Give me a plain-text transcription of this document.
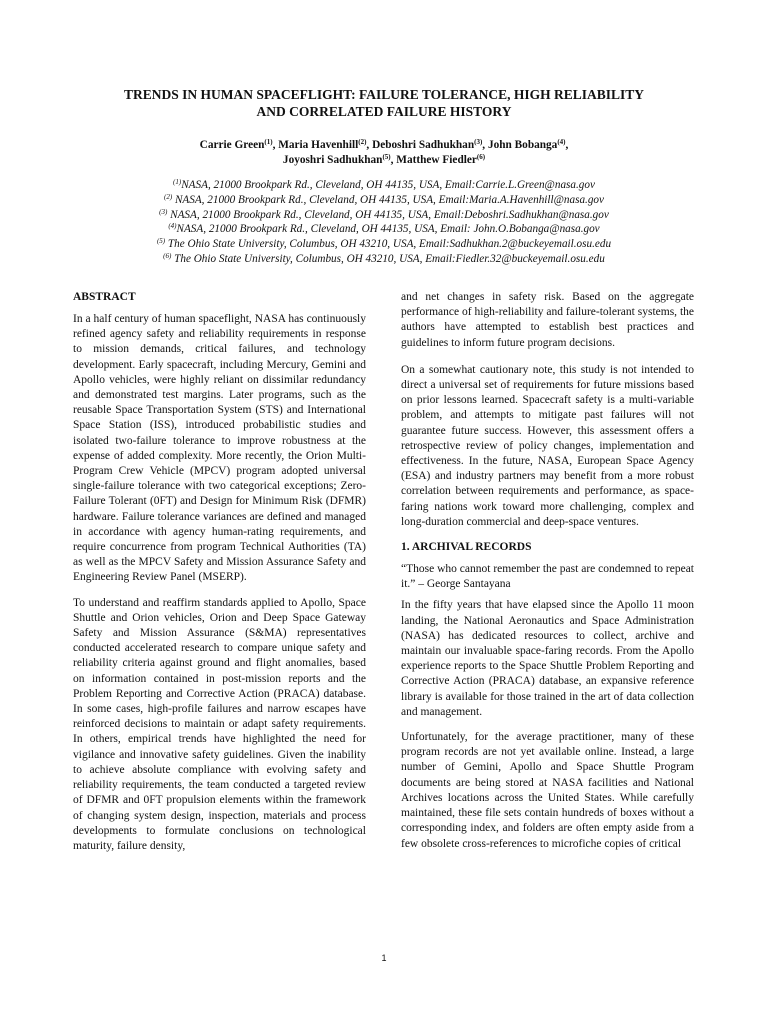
TRENDS IN HUMAN SPACEFLIGHT: FAILURE TOLERANCE, HIGH RELIABILITY
AND CORRELATED FAILURE HISTORY
Carrie Green$^{(1)}$, Maria Havenhill$^{(2)}$, Deboshri Sadhukhan$^{(3)}$, John Bobanga$^{(4)}$,
Joyoshri Sadhukhan$^{(5)}$, Matthew Fiedler$^{(6)}$
$^{(1)}$NASA, 21000 Brookpark Rd., Cleveland, OH 44135, USA, Email:Carrie.L.Green@nasa.gov
$^{(2)}$ NASA, 21000 Brookpark Rd., Cleveland, OH 44135, USA, Email:Maria.A.Havenhill@nasa.gov
$^{(3)}$ NASA, 21000 Brookpark Rd., Cleveland, OH 44135, USA, Email:Deboshri.Sadhukhan@nasa.gov
$^{(4)}$NASA, 21000 Brookpark Rd., Cleveland, OH 44135, USA, Email: John.O.Bobanga@nasa.gov
$^{(5)}$ The Ohio State University, Columbus, OH 43210, USA, Email:Sadhukhan.2@buckeyemail.osu.edu
$^{(6)}$ The Ohio State University, Columbus, OH 43210, USA, Email:Fiedler.32@buckeyemail.osu.edu
ABSTRACT

In a half century of human spaceflight, NASA has continuously refined agency safety and reliability requirements in response to mission demands, critical failures, and technology development. Early spacecraft, including Mercury, Gemini and Apollo vehicles, were highly reliant on dissimilar redundancy and demonstrated test margins. Later programs, such as the reusable Space Transportation System (STS) and International Space Station (ISS), introduced probabilistic studies and isolated two-failure tolerance to improve robustness at the expense of added complexity. More recently, the Orion Multi-Program Crew Vehicle (MPCV) program adopted universal single-failure tolerance with two categorical exceptions; Zero-Failure Tolerant (0FT) and Design for Minimum Risk (DFMR) hardware. Failure tolerance variances are defined and managed in accordance with agency human-rating requirements, and require concurrence from program Technical Authorities (TA) as well as the MPCV Safety and Mission Assurance Safety and Engineering Review Panel (MSERP).

To understand and reaffirm standards applied to Apollo, Space Shuttle and Orion vehicles, Orion and Deep Space Gateway Safety and Mission Assurance (S&MA) representatives conducted accelerated research to compare unique safety and reliability criteria against ground and flight anomalies, based on information contained in post-mission reports and the Problem Reporting and Corrective Action (PRACA) database. In some cases, high-profile failures and narrow escapes have reinforced decisions to maintain or adapt safety requirements. In others, empirical trends have highlighted the need for vigilance and innovative safety guidelines. Given the inability to achieve absolute compliance with evolving safety and reliability requirements, the team conducted a targeted review of DFMR and 0FT propulsion elements within the framework of changing system design, inspection, materials and process developments to formulate conclusions on technological maturity, failure density,

and net changes in safety risk. Based on the aggregate performance of high-reliability and failure-tolerant systems, the authors have attempted to establish best practices and guidelines to inform future program decisions.

On a somewhat cautionary note, this study is not intended to direct a universal set of requirements for future missions based on prior lessons learned. Spacecraft safety is a multi-variable problem, and attempts to mitigate past failures will not guarantee future success. However, this assessment offers a retrospective review of policy changes, implementation and effectiveness. In the future, NASA, European Space Agency (ESA) and industry partners may benefit from a more robust correlation between requirements and performance, as space-faring nations work toward more challenging, complex and long-duration commercial and deep-space ventures.

1. ARCHIVAL RECORDS

“Those who cannot remember the past are condemned to repeat it.” – George Santayana

In the fifty years that have elapsed since the Apollo 11 moon landing, the National Aeronautics and Space Administration (NASA) has dedicated resources to collect, archive and maintain our invaluable space-faring records. From the Apollo experience reports to the Space Shuttle Problem Reporting and Corrective Action (PRACA) database, an expansive reference library is available for those trained in the art of data collection and management.

Unfortunately, for the average practitioner, many of these program records are not yet available online. Instead, a large number of Gemini, Apollo and Space Shuttle Program documents are being stored at NASA facilities and National Archives locations across the United States. While carefully maintained, these file sets contain hundreds of boxes without a corresponding index, and folders are often empty aside from a few obsolete cross-references to microfiche copies of critical

1
